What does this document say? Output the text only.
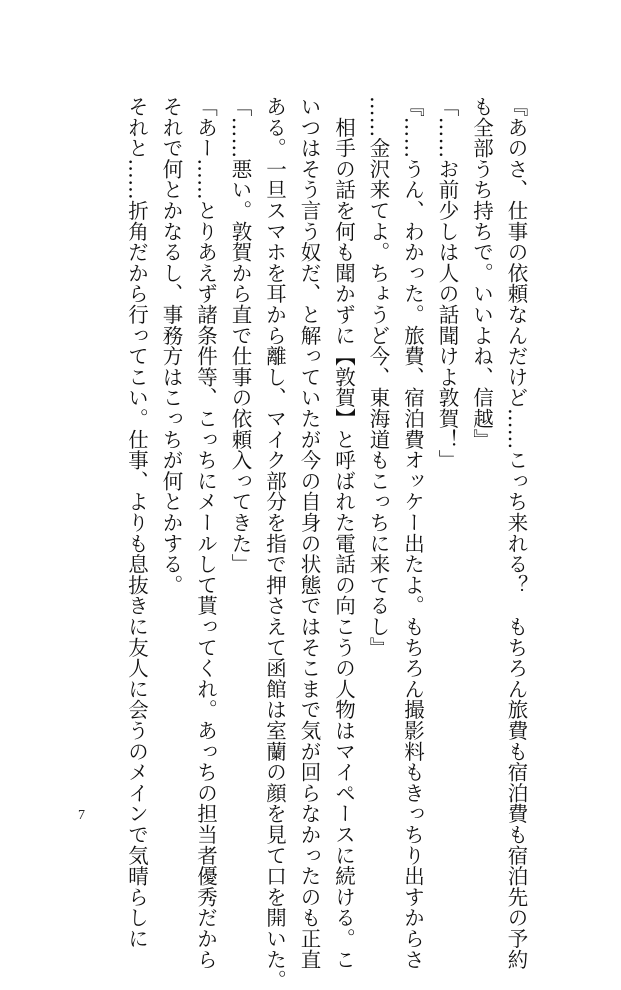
『あのさ、仕事の依頼なんだけど……こっち来れる？　もちろん旅費も宿泊費も宿泊先の予約
も全部うち持ちで。いいよね、信越』
「……お前少しは人の話聞けよ敦賀！」
『……うん、わかった。旅費、宿泊費オッケー出たよ。もちろん撮影料もきっちり出すからさ
……金沢来てよ。ちょうど今、東海道もこっちに来てるし』
　相手の話を何も聞かずに【敦賀】と呼ばれた電話の向こうの人物はマイペースに続ける。こ
いつはそう言う奴だ、と解っていたが今の自身の状態ではそこまで気が回らなかったのも正直
ある。一旦スマホを耳から離し、マイク部分を指で押さえて函館は室蘭の顔を見て口を開いた。
「……悪い。敦賀から直で仕事の依頼入ってきた」
「あー……とりあえず諸条件等、こっちにメールして貰ってくれ。あっちの担当者優秀だから
それで何とかなるし、事務方はこっちが何とかする。
それと……折角だから行ってこい。仕事、よりも息抜きに友人に会うのメインで気晴らしに
7
